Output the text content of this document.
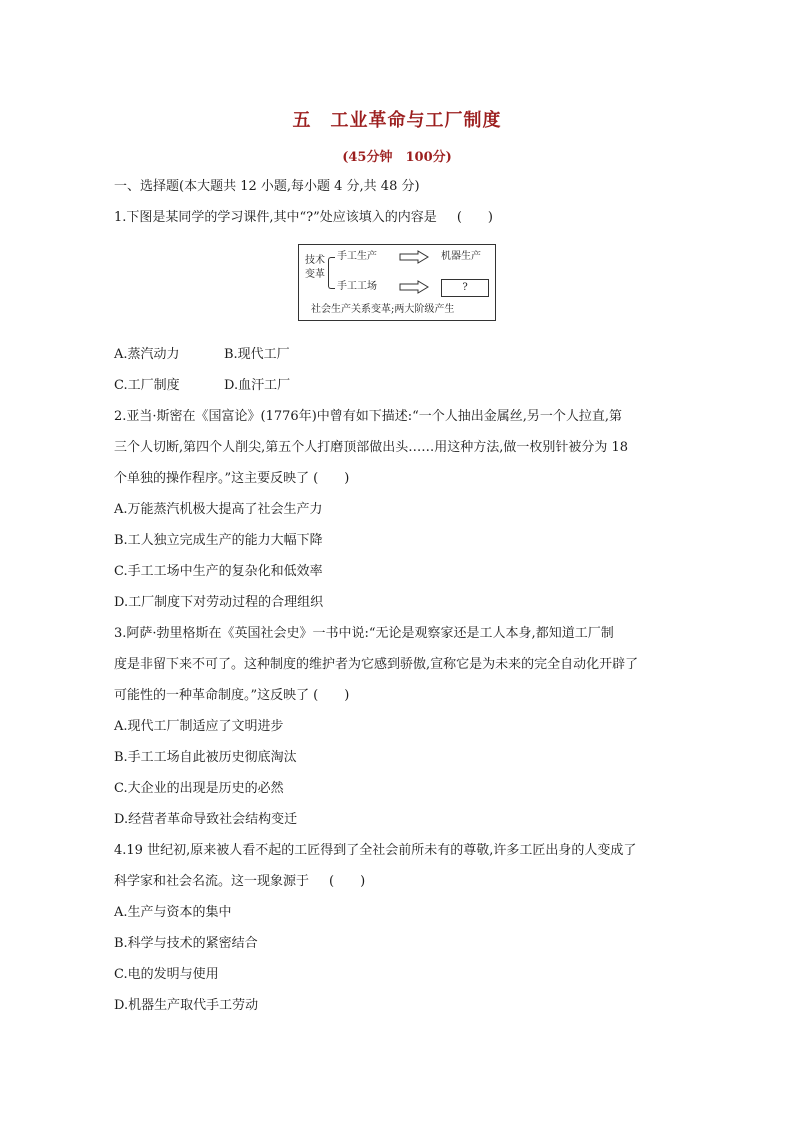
五　工业革命与工厂制度
(45分钟　100分)

一、选择题(本大题共 12 小题,每小题 4 分,共 48 分)

1.下图是某同学的学习课件,其中“?”处应该填入的内容是 (　　)

技术
变革
手工生产	机器生产
手工工场	?
社会生产关系变革;两大阶级产生
A.蒸汽动力	B.现代工厂
C.工厂制度	D.血汗工厂

2.亚当·斯密在《国富论》(1776年)中曾有如下描述:“一个人抽出金属丝,另一个人拉直,第

三个人切断,第四个人削尖,第五个人打磨顶部做出头……用这种方法,做一枚别针被分为 18

个单独的操作程序。”这主要反映了 (　　)

A.万能蒸汽机极大提高了社会生产力

B.工人独立完成生产的能力大幅下降

C.手工工场中生产的复杂化和低效率

D.工厂制度下对劳动过程的合理组织

3.阿萨·勃里格斯在《英国社会史》一书中说:“无论是观察家还是工人本身,都知道工厂制

度是非留下来不可了。这种制度的维护者为它感到骄傲,宣称它是为未来的完全自动化开辟了

可能性的一种革命制度。”这反映了 (　　)

A.现代工厂制适应了文明进步

B.手工工场自此被历史彻底淘汰

C.大企业的出现是历史的必然

D.经营者革命导致社会结构变迁

4.19 世纪初,原来被人看不起的工匠得到了全社会前所未有的尊敬,许多工匠出身的人变成了

科学家和社会名流。这一现象源于 (　　)

A.生产与资本的集中

B.科学与技术的紧密结合

C.电的发明与使用

D.机器生产取代手工劳动
